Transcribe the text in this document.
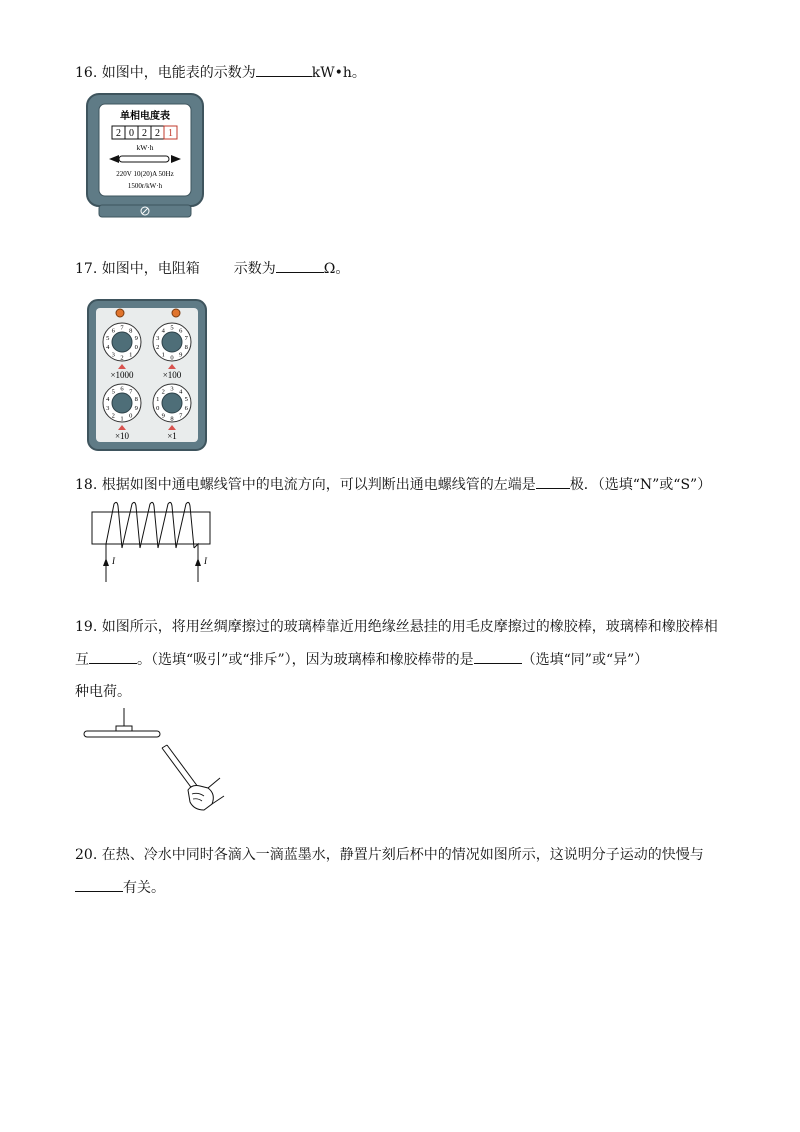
16. 如图中，电能表的示数为	kW•h。
单相电度表
2 0 2 2 1
kW·h
220V 10(20)A 50Hz
1500r/kW·h
17. 如图中，电阻箱 示数为	Ω。
0
1
2
3
4
5
6 7 8
9
0
1
2
3
4 5 6
7
8
9
0
1
2
3
4
5 6 7
8
9	0
1
2 3 4
5
6
7
8
9
×1000	×100
×10	×1
18. 根据如图中通电螺线管中的电流方向，可以判断出通电螺线管的左端是 极．（选填“N”或“S”）
I	I
19. 如图所示，将用丝绸摩擦过的玻璃棒靠近用绝缘丝悬挂的用毛皮摩擦过的橡胶棒，玻璃棒和橡胶棒相
互	。（选填“吸引”或“排斥”），因为玻璃棒和橡胶棒带的是	（选填“同”或“异”）
种电荷。
20. 在热、冷水中同时各滴入一滴蓝墨水，静置片刻后杯中的情况如图所示，这说明分子运动的快慢与
有关。
